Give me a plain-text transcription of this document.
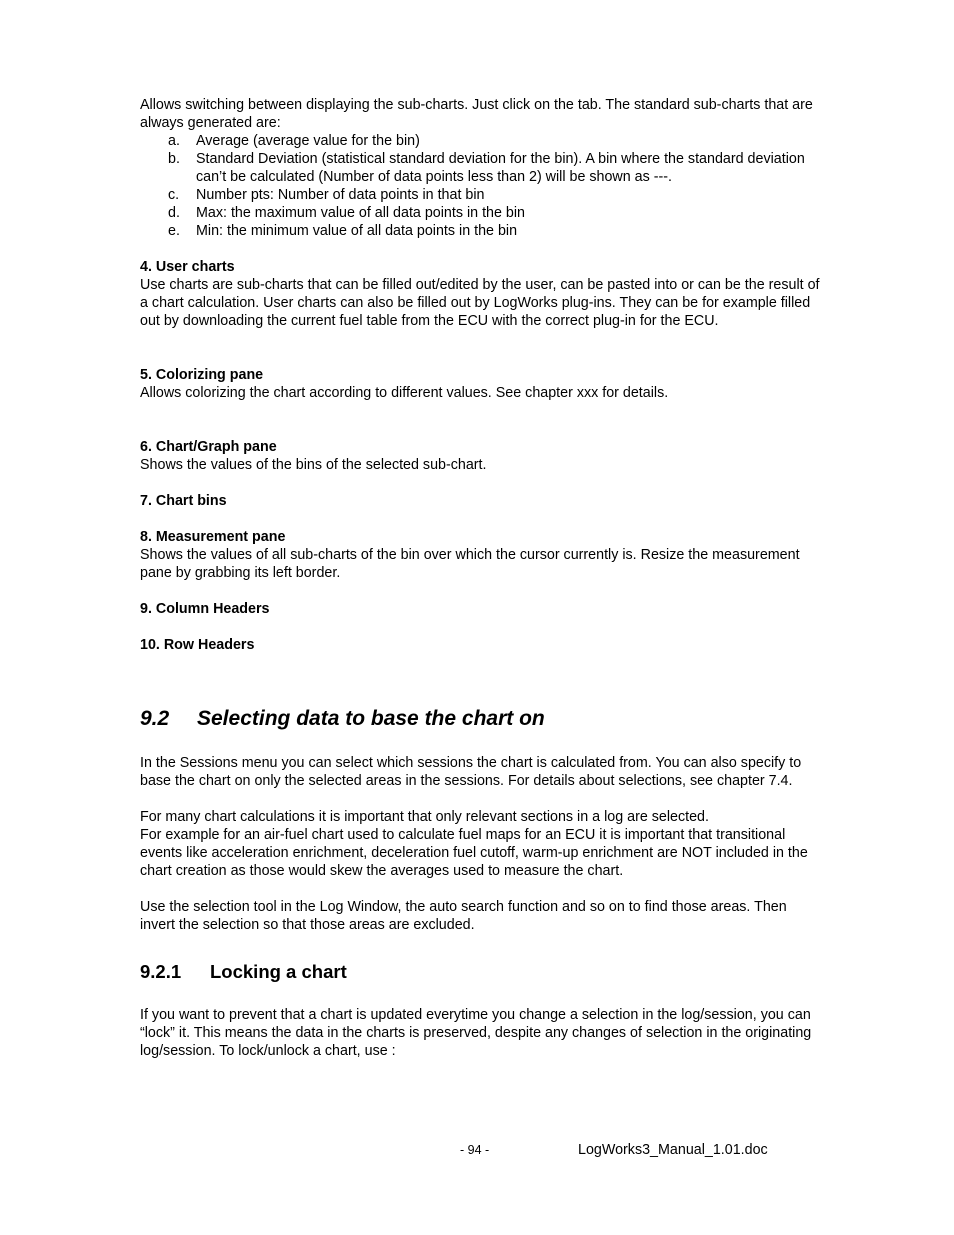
Allows switching between displaying the sub-charts. Just click on the tab. The standard sub-charts that are always generated are:

a. Average (average value for the bin)
b. Standard Deviation (statistical standard deviation for the bin). A bin where the standard deviation can’t be calculated (Number of data points less than 2) will be shown as ---.
c. Number pts: Number of data points in that bin
d. Max: the maximum value of all data points in the bin
e. Min: the minimum value of all data points in the bin
4. User charts

Use charts are sub-charts that can be filled out/edited by the user, can be pasted into or can be the result of a chart calculation. User charts can also be filled out by LogWorks plug-ins. They can be for example filled out by downloading the current fuel table from the ECU with the correct plug-in for the ECU.

5. Colorizing pane

Allows colorizing the chart according to different values. See chapter xxx for details.

6. Chart/Graph pane

Shows the values of the bins of the selected sub-chart.

7. Chart bins
8. Measurement pane

Shows the values of all sub-charts of the bin over which the cursor currently is. Resize the measurement pane by grabbing its left border.

9. Column Headers
10. Row Headers
9.2	Selecting data to base the chart on

In the Sessions menu you can select which sessions the chart is calculated from. You can also specify to base the chart on only the selected areas in the sessions. For details about selections, see chapter 7.4.

For many chart calculations it is important that only relevant sections in a log are selected.

For example for an air-fuel chart used to calculate fuel maps for an ECU it is important that transitional events like acceleration enrichment, deceleration fuel cutoff, warm-up enrichment are NOT included in the chart creation as those would skew the averages used to measure the chart.

Use the selection tool in the Log Window, the auto search function and so on to find those areas. Then invert the selection so that those areas are excluded.

9.2.1	Locking a chart

If you want to prevent that a chart is updated everytime you change a selection in the log/session, you can “lock” it. This means the data in the charts is preserved, despite any changes of selection in the originating log/session. To lock/unlock a chart, use :

- 94 -	LogWorks3_Manual_1.01.doc
